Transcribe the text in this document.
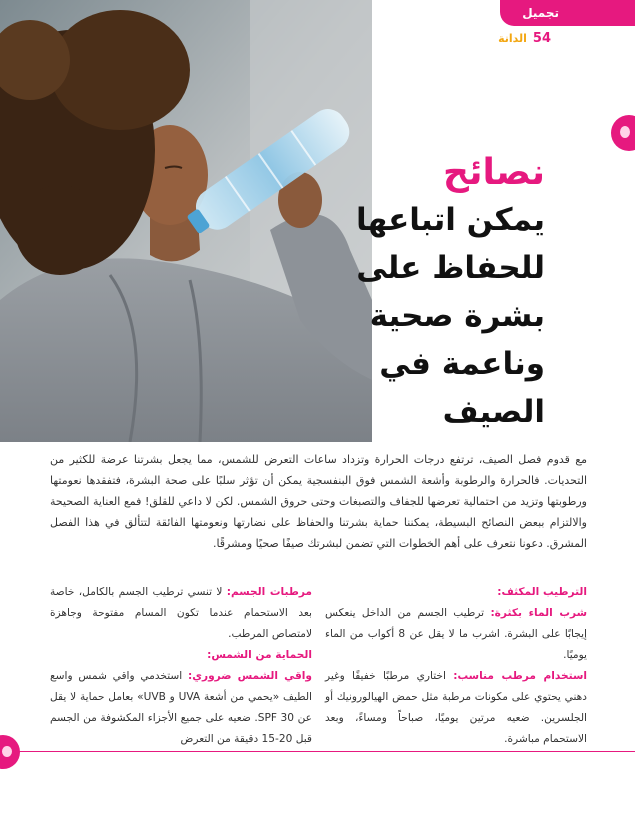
تجميل
الدانة 54
نصائح
يمكن اتباعها
للحفاظ على
بشرة صحية
وناعمة في
الصيف

مع قدوم فصل الصيف، ترتفع درجات الحرارة وتزداد ساعات التعرض للشمس، مما يجعل بشرتنا عرضة للكثير من التحديات. فالحرارة والرطوبة وأشعة الشمس فوق البنفسجية يمكن أن تؤثر سلبًا على صحة البشرة، فتفقدها نعومتها ورطوبتها وتزيد من احتمالية تعرضها للجفاف والتصبغات وحتى حروق الشمس. لكن لا داعي للقلق! فمع العناية الصحيحة والالتزام ببعض النصائح البسيطة، يمكننا حماية بشرتنا والحفاظ على نضارتها ونعومتها الفائقة لتتألق في هذا الفصل المشرق. دعونا نتعرف على أهم الخطوات التي تضمن لبشرتك صيفًا صحيًا ومشرقًا.

الترطيب المكثف:

شرب الماء بكثرة: ترطيب الجسم من الداخل ينعكس إيجابًا على البشرة. اشرب ما لا يقل عن 8 أكواب من الماء يوميًا.

استخدام مرطب مناسب: اختاري مرطبًا خفيفًا وغير دهني يحتوي على مكونات مرطبة مثل حمض الهيالورونيك أو الجلسرين. ضعيه مرتين يوميًا، صباحاً ومساءً، وبعد الاستحمام مباشرة.

مرطبات الجسم: لا تنسي ترطيب الجسم بالكامل، خاصة بعد الاستحمام عندما تكون المسام مفتوحة وجاهزة لامتصاص المرطب.

الحماية من الشمس:

واقي الشمس ضروري: استخدمي واقي شمس واسع الطيف «يحمي من أشعة UVA و UVB» بعامل حماية لا يقل عن SPF 30. ضعيه على جميع الأجزاء المكشوفة من الجسم قبل 20-15 دقيقة من التعرض
